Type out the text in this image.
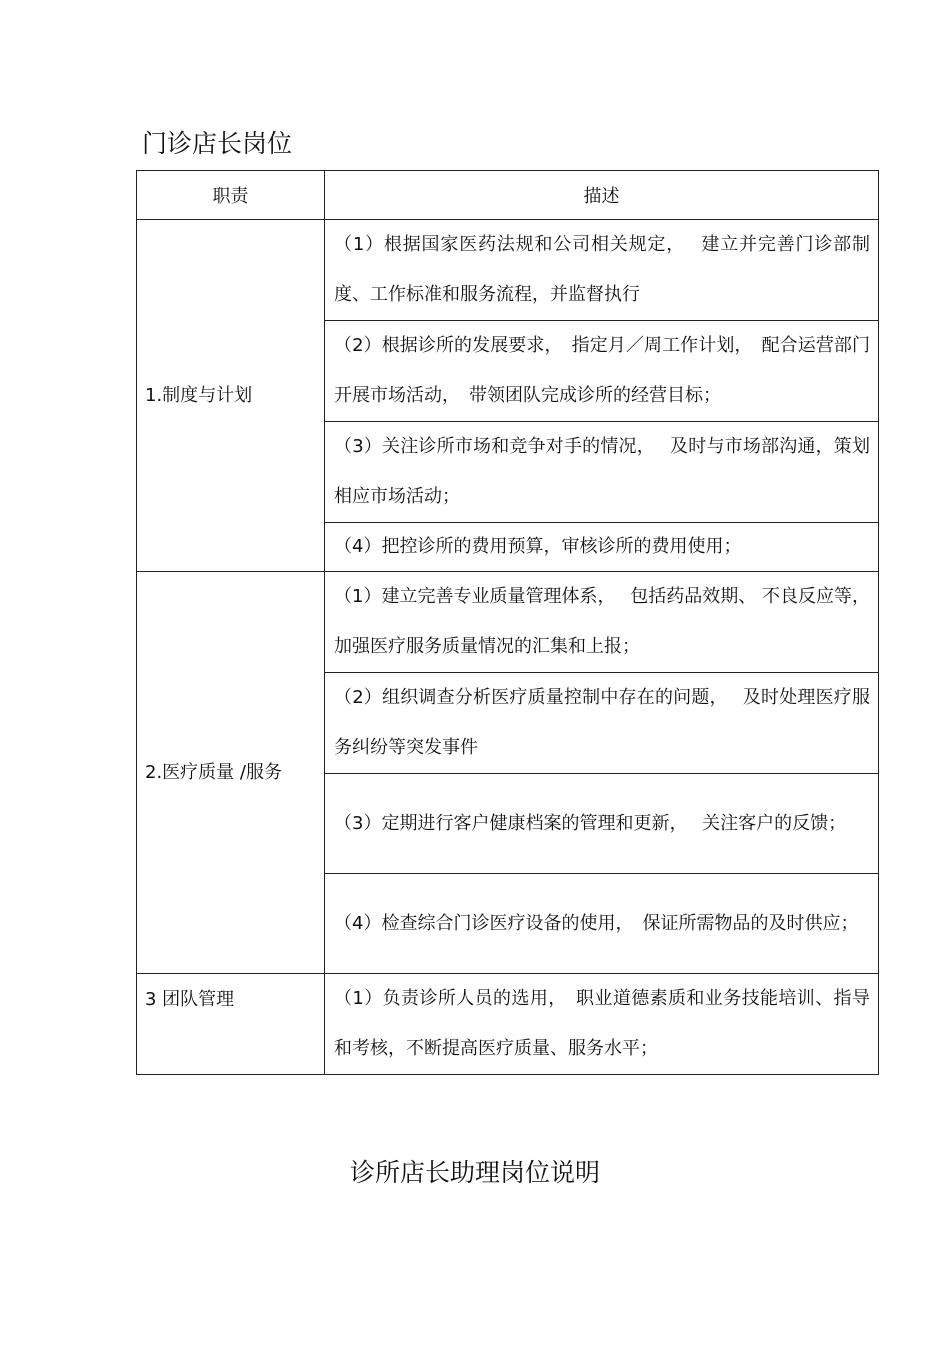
门诊店长岗位
职责	描述
1.制度与计划	（1）根据国家医药法规和公司相关规定，　 建立并完善门诊部制度、工作标准和服务流程，并监督执行
	（2）根据诊所的发展要求，　指定月／周工作计划，　配合运营部门开展市场活动，　带领团队完成诊所的经营目标；
	（3）关注诊所市场和竞争对手的情况，　 及时与市场部沟通，策划相应市场活动；
	（4）把控诊所的费用预算，审核诊所的费用使用；
2.医疗质量 /服务	（1）建立完善专业质量管理体系，　 包括药品效期、 不良反应等，加强医疗服务质量情况的汇集和上报；
	（2）组织调查分析医疗质量控制中存在的问题，　 及时处理医疗服务纠纷等突发事件
	（3）定期进行客户健康档案的管理和更新，　 关注客户的反馈；
	（4）检查综合门诊医疗设备的使用，　保证所需物品的及时供应；
3 团队管理	（1）负责诊所人员的选用，　职业道德素质和业务技能培训、指导和考核，不断提高医疗质量、服务水平；
诊所店长助理岗位说明
